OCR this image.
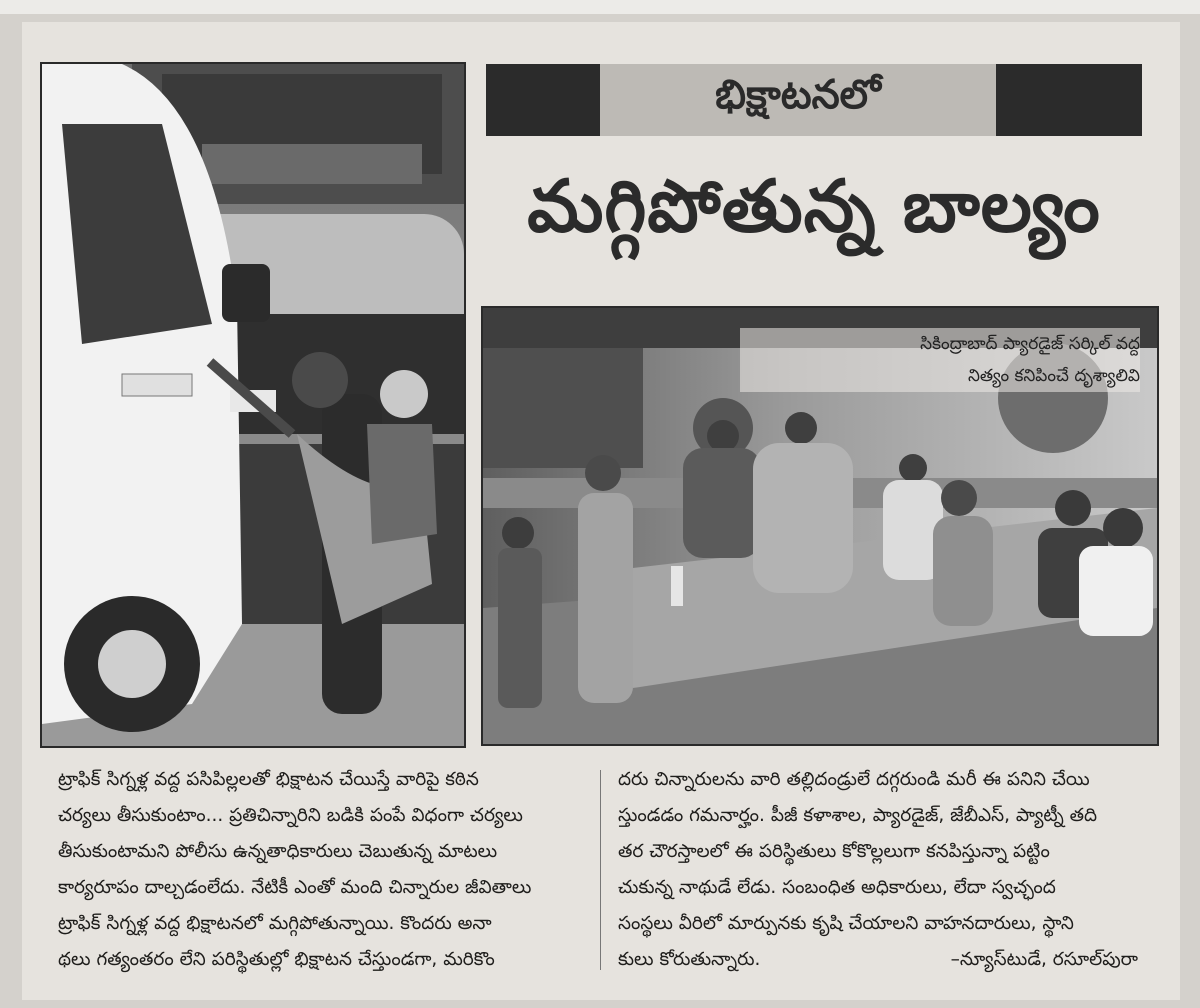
భిక్షాటనలో
మగ్గిపోతున్న బాల్యం
సికింద్రాబాద్ ప్యారడైజ్ సర్కిల్ వద్ద
నిత్యం కనిపించే దృశ్యాలివి
ట్రాఫిక్ సిగ్నళ్ల వద్ద పసిపిల్లలతో భిక్షాటన చేయిస్తే వారిపై కఠిన
చర్యలు తీసుకుంటాం... ప్రతిచిన్నారిని బడికి పంపే విధంగా చర్యలు
తీసుకుంటామని పోలీసు ఉన్నతాధికారులు చెబుతున్న మాటలు
కార్యరూపం దాల్చడంలేదు. నేటికీ ఎంతో మంది చిన్నారుల జీవితాలు
ట్రాఫిక్ సిగ్నళ్ల వద్ద భిక్షాటనలో మగ్గిపోతున్నాయి. కొందరు అనా
థలు గత్యంతరం లేని పరిస్థితుల్లో భిక్షాటన చేస్తుండగా, మరికొం
దరు చిన్నారులను వారి తల్లిదండ్రులే దగ్గరుండి మరీ ఈ పనిని చేయి
స్తుండడం గమనార్హం. పీజీ కళాశాల, ప్యారడైజ్, జేబీఎస్, ప్యాట్నీ తది
తర చౌరస్తాలలో ఈ పరిస్థితులు కోకొల్లలుగా కనపిస్తున్నా పట్టిం
చుకున్న నాథుడే లేడు. సంబంధిత అధికారులు, లేదా స్వచ్ఛంద
సంస్థలు వీరిలో మార్పునకు కృషి చేయాలని వాహనదారులు, స్థాని
కులు కోరుతున్నారు.	–న్యూస్‌టుడే, రసూల్‌పురా
